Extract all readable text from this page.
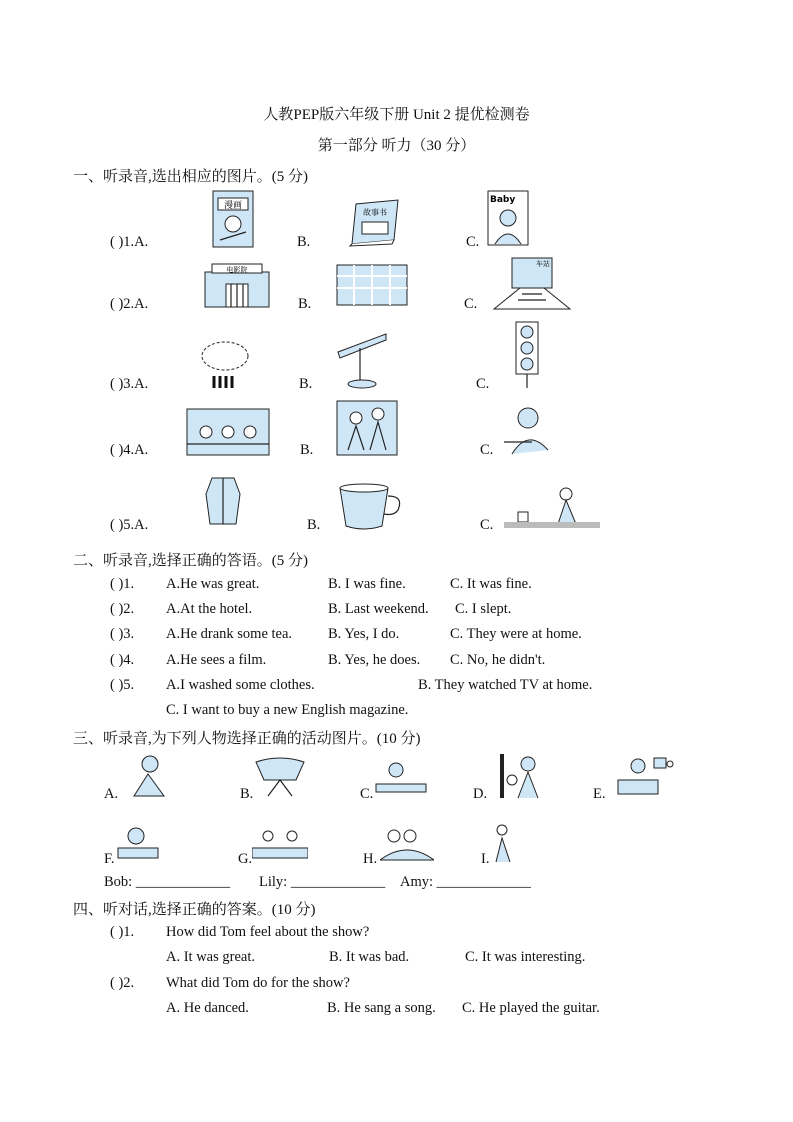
人教PEP版六年级下册 Unit 2 提优检测卷
第一部分 听力（30 分）
一、听录音,选出相应的图片。(5 分)
( )1.A.
漫画
B.
故事书
C.
Baby
( )2.A.
电影院
B.	C.
车站
( )3.A.	B.	C.
( )4.A.	B.	C.
( )5.A.	B.	C.
二、听录音,选择正确的答语。(5 分)
( )1. A.He was great.	B. I was fine.	C. It was fine.
( )2. A.At the hotel.	B. Last weekend. C. I slept.
( )3. A.He drank some tea. B. Yes, I do.	C. They were at home.
( )4. A.He sees a film.	B. Yes, he does. C. No, he didn't.
( )5. A.I washed some clothes.	B. They watched TV at home.
C. I want to buy a new English magazine.
三、听录音,为下列人物选择正确的活动图片。(10 分)
A.	B.	C.	D.	E.
F.	G.	H.	I.
Bob: _____________ Lily: _____________ Amy: _____________
四、听对话,选择正确的答案。(10 分)
( )1. How did Tom feel about the show?
A. It was great.	B. It was bad.	C. It was interesting.
( )2. What did Tom do for the show?
A. He danced.	B. He sang a song. C. He played the guitar.
